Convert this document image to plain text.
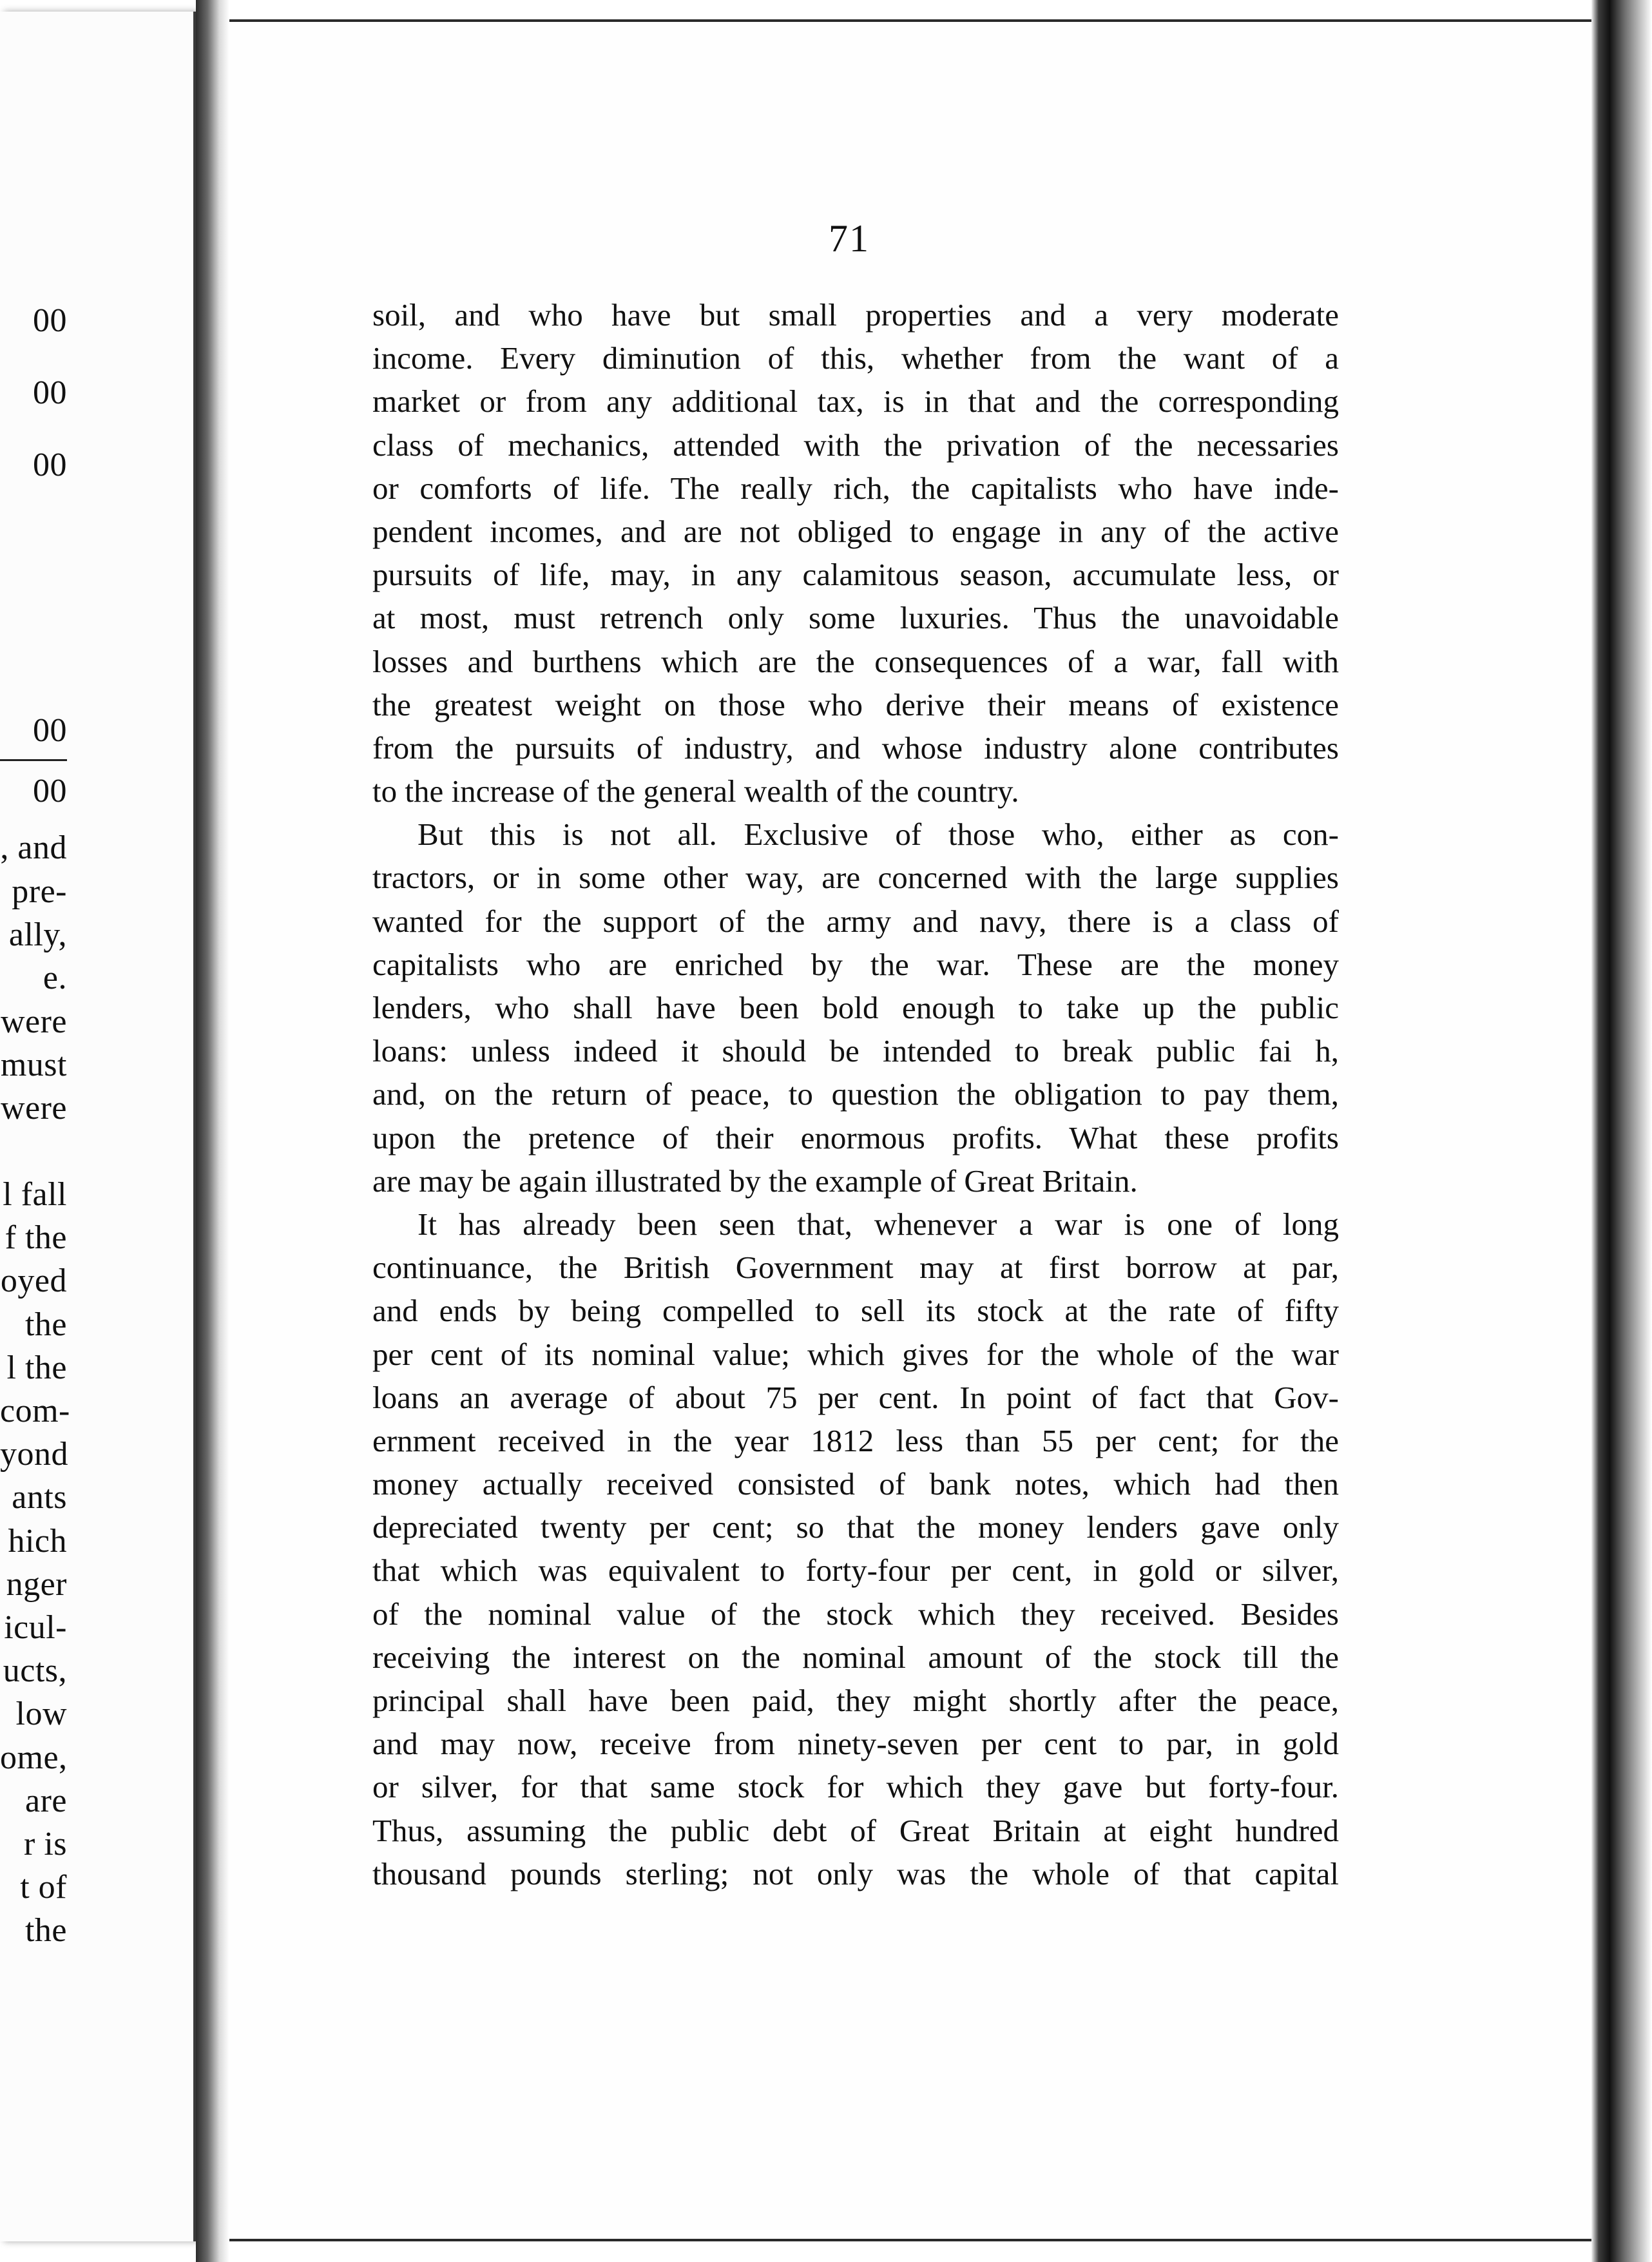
00
00
00
00
00
, and
pre-
ally,
e.
were
must
were
l fall
f the
oyed
the
l the
com-
yond
ants
hich
nger
icul-
ucts,
low
ome,
are
r is
t of
the
71
soil, and who have but small properties and a very moderate
income. Every diminution of this, whether from the want of a
market or from any additional tax, is in that and the corresponding
class of mechanics, attended with the privation of the necessaries
or comforts of life. The really rich, the capitalists who have inde-
pendent incomes, and are not obliged to engage in any of the active
pursuits of life, may, in any calamitous season, accumulate less, or
at most, must retrench only some luxuries. Thus the unavoidable
losses and burthens which are the consequences of a war, fall with
the greatest weight on those who derive their means of existence
from the pursuits of industry, and whose industry alone contributes
to the increase of the general wealth of the country.
But this is not all. Exclusive of those who, either as con-
tractors, or in some other way, are concerned with the large supplies
wanted for the support of the army and navy, there is a class of
capitalists who are enriched by the war. These are the money
lenders, who shall have been bold enough to take up the public
loans: unless indeed it should be intended to break public fai h,
and, on the return of peace, to question the obligation to pay them,
upon the pretence of their enormous profits. What these profits
are may be again illustrated by the example of Great Britain.
It has already been seen that, whenever a war is one of long
continuance, the British Government may at first borrow at par,
and ends by being compelled to sell its stock at the rate of fifty
per cent of its nominal value; which gives for the whole of the war
loans an average of about 75 per cent. In point of fact that Gov-
ernment received in the year 1812 less than 55 per cent; for the
money actually received consisted of bank notes, which had then
depreciated twenty per cent; so that the money lenders gave only
that which was equivalent to forty-four per cent, in gold or silver,
of the nominal value of the stock which they received. Besides
receiving the interest on the nominal amount of the stock till the
principal shall have been paid, they might shortly after the peace,
and may now, receive from ninety-seven per cent to par, in gold
or silver, for that same stock for which they gave but forty-four.
Thus, assuming the public debt of Great Britain at eight hundred
thousand pounds sterling; not only was the whole of that capital
